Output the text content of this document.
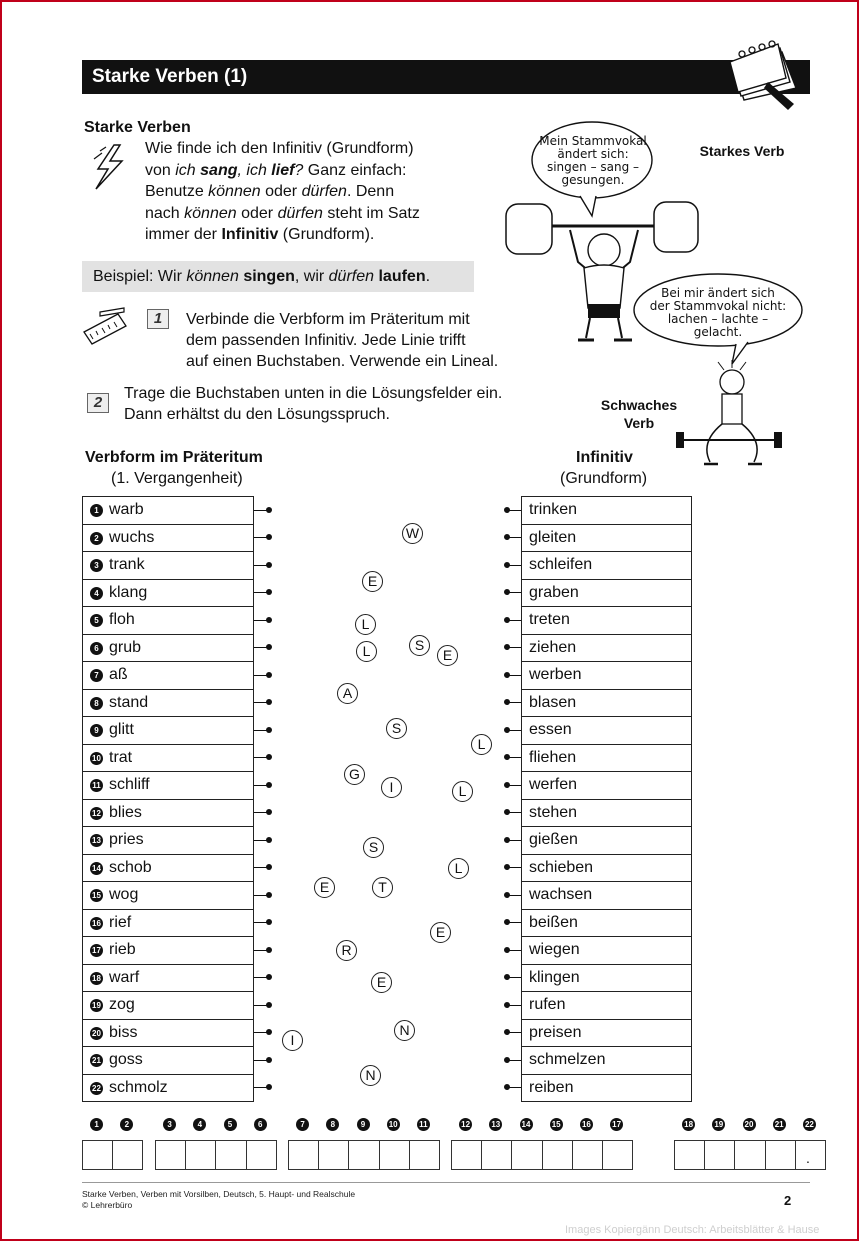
Starke Verben (1)
Starke Verben
Wie finde ich den Infinitiv (Grundform)
von ich sang, ich lief? Ganz einfach:
Benutze können oder dürfen. Denn
nach können oder dürfen steht im Satz
immer der Infinitiv (Grundform).
Beispiel: Wir können singen, wir dürfen laufen.
1	Verbinde die Verbform im Präteritum mit
dem passenden Infinitiv. Jede Linie trifft
auf einen Buchstaben. Verwende ein Lineal.
2
Trage die Buchstaben unten in die Lösungsfelder ein.
Dann erhältst du den Lösungsspruch.
Mein Stammvokal
ändert sich:
singen – sang –
gesungen.
Bei mir ändert sich
der Stammvokal nicht:
lachen – lachte –
gelacht.
Starkes Verb
Schwaches
Verb
Verbform im Präteritum
(1. Vergangenheit)
Infinitiv
(Grundform)
1 warb
2 wuchs
3 trank
4 klang
5 floh
6 grub
7 aß
8 stand
9 glitt
10 trat
11 schliff
12 blies
13 pries
14 schob
15 wog
16 rief
17 rieb
18 warf
19 zog
20 biss
21 goss
22 schmolz
trinken
gleiten
schleifen
graben
treten
ziehen
werben
blasen
essen
fliehen
werfen
stehen
gießen
schieben
wachsen
beißen
wiegen
klingen
rufen
preisen
schmelzen
reiben
W
E
L
S
E
L
A
S
L
G
I	L
S
L
E	T
E
R
E
N
I
N
1	2	3	4	5	6	7	8	9	10	11	12	13	14	15	16	17	18	19	20	21	22
.
Starke Verben, Verben mit Vorsilben, Deutsch, 5. Haupt- und Realschule
© Lehrerbüro	2
Images Kopiergänn Deutsch: Arbeitsblätter & Hause
